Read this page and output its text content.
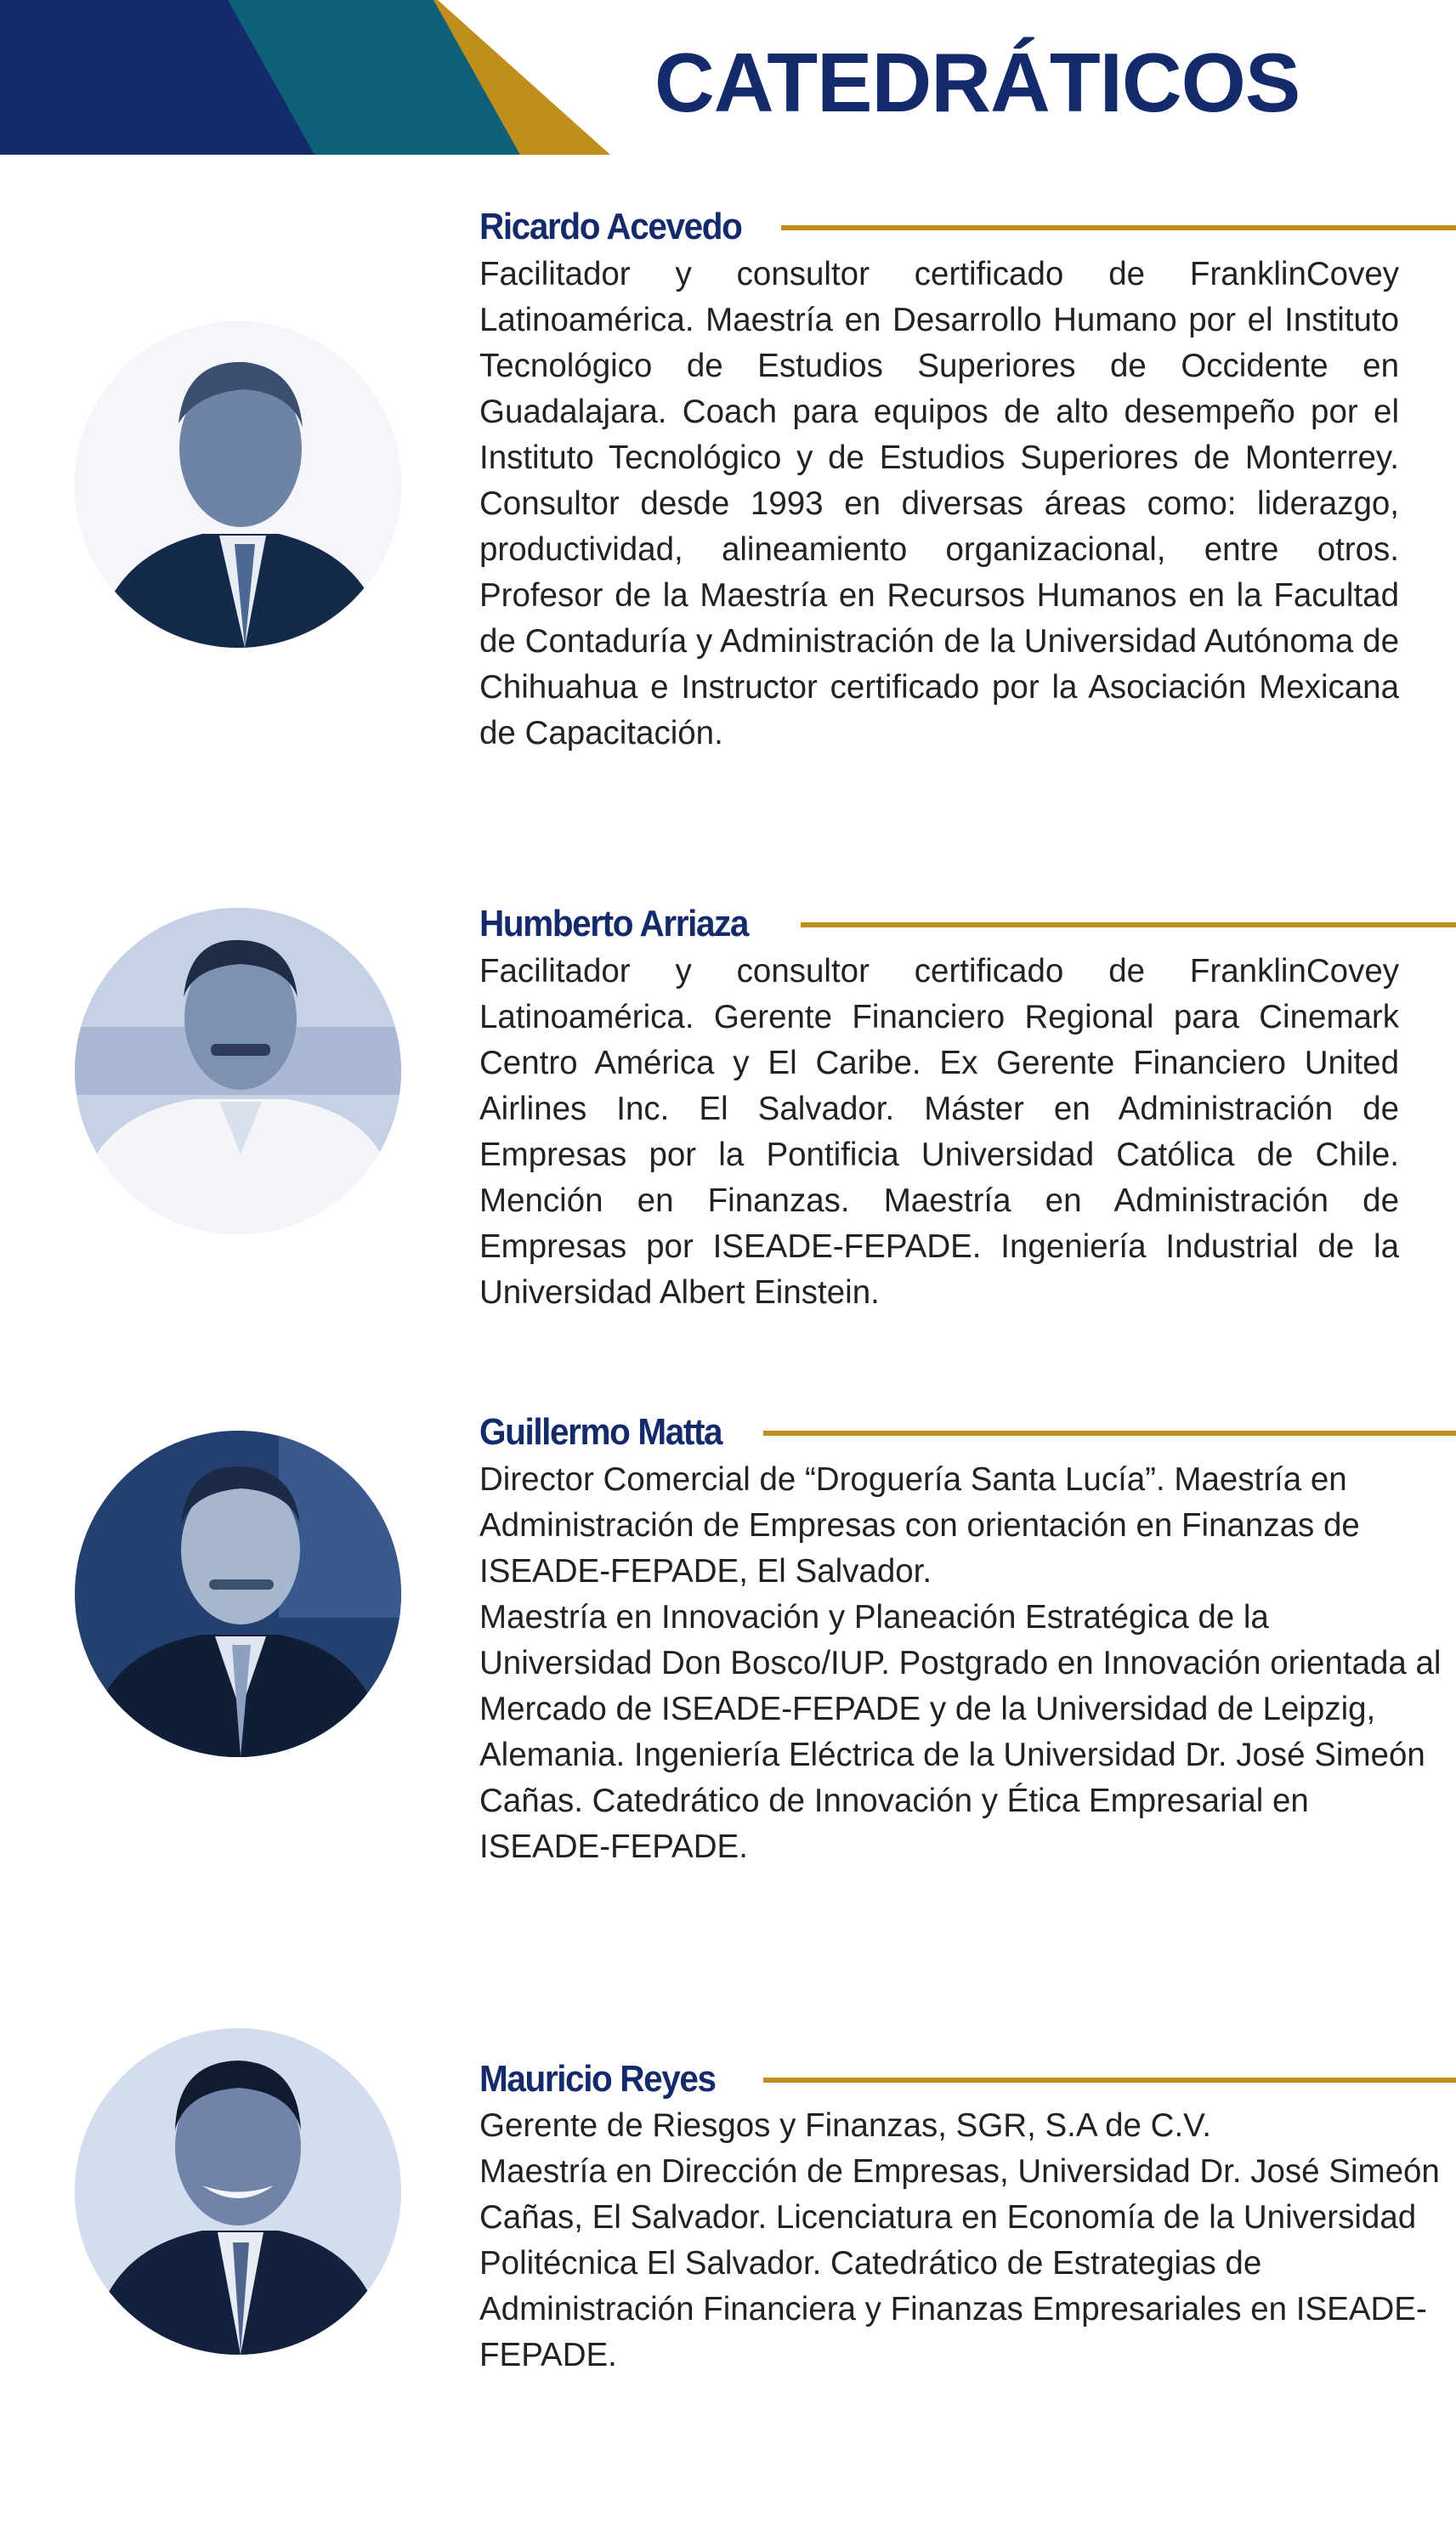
CATEDRÁTICOS
Ricardo Acevedo

Facilitador y consultor certificado de FranklinCovey Latinoamérica. Maestría en Desarrollo Humano por el Instituto Tecnológico de Estudios Superiores de Occidente en Guadalajara. Coach para equipos de alto desempeño por el Instituto Tecnológico y de Estudios Superiores de Monterrey. Consultor desde 1993 en diversas áreas como: liderazgo, productividad, alineamiento organizacional, entre otros. Profesor de la Maestría en Recursos Humanos en la Facultad de Contaduría y Administración de la Universidad Autónoma de Chihuahua e Instructor certificado por la Asociación Mexicana de Capacitación.

Humberto Arriaza

Facilitador y consultor certificado de FranklinCovey Latinoamérica. Gerente Financiero Regional para Cinemark Centro América y El Caribe. Ex Gerente Financiero United Airlines Inc. El Salvador. Máster en Administración de Empresas por la Pontificia Universidad Católica de Chile. Mención en Finanzas. Maestría en Administración de Empresas por ISEADE-FEPADE. Ingeniería Industrial de la Universidad Albert Einstein.

Guillermo Matta

Director Comercial de “Droguería Santa Lucía”. Maestría en Administración de Empresas con orientación en Finanzas de ISEADE-FEPADE, El Salvador.

Maestría en Innovación y Planeación Estratégica de la Universidad Don Bosco/IUP. Postgrado en Innovación orientada al Mercado de ISEADE-FEPADE y de la Universidad de Leipzig, Alemania. Ingeniería Eléctrica de la Universidad Dr. José Simeón Cañas. Catedrático de Innovación y Ética Empresarial en ISEADE-FEPADE.

Mauricio Reyes

Gerente de Riesgos y Finanzas, SGR, S.A de C.V.

Maestría en Dirección de Empresas, Universidad Dr. José Simeón Cañas, El Salvador. Licenciatura en Economía de la Universidad Politécnica El Salvador. Catedrático de Estrategias de Administración Financiera y Finanzas Empresariales en ISEADE-FEPADE.
